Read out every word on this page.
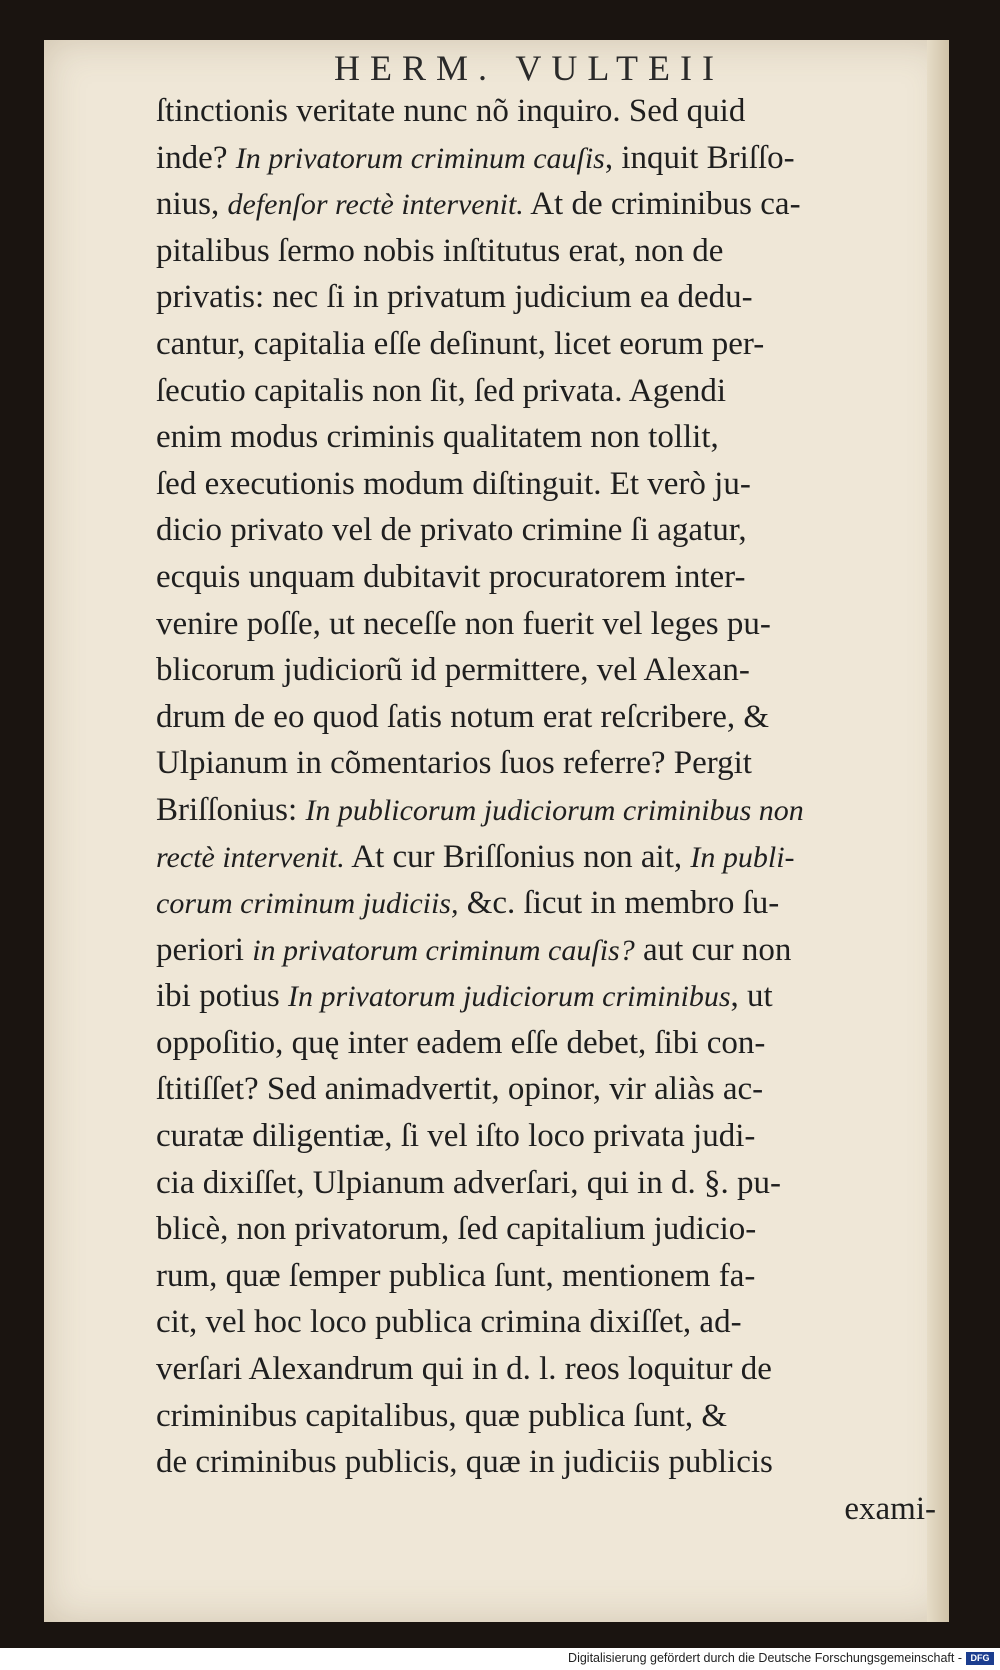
HERM. VULTEII
ſtinctionis veritate nunc nõ inquiro. Sed quid
inde? In privatorum criminum cauſis, inquit Briſſo-
nius, defenſor rectè intervenit. At de criminibus ca-
pitalibus ſermo nobis inſtitutus erat, non de
privatis: nec ſi in privatum judicium ea dedu-
cantur, capitalia eſſe deſinunt, licet eorum per-
ſecutio capitalis non ſit, ſed privata. Agendi
enim modus criminis qualitatem non tollit,
ſed executionis modum diſtinguit. Et verò ju-
dicio privato vel de privato crimine ſi agatur,
ecquis unquam dubitavit procuratorem inter-
venire poſſe, ut neceſſe non fuerit vel leges pu-
blicorum judiciorũ id permittere, vel Alexan-
drum de eo quod ſatis notum erat reſcribere, &
Ulpianum in cõmentarios ſuos referre? Pergit
Briſſonius: In publicorum judiciorum criminibus non
rectè intervenit. At cur Briſſonius non ait, In publi-
corum criminum judiciis, &c. ſicut in membro ſu-
periori in privatorum criminum cauſis? aut cur non
ibi potius In privatorum judiciorum criminibus, ut
oppoſitio, quę inter eadem eſſe debet, ſibi con-
ſtitiſſet? Sed animadvertit, opinor, vir aliàs ac-
curatæ diligentiæ, ſi vel iſto loco privata judi-
cia dixiſſet, Ulpianum adverſari, qui in d. §. pu-
blicè, non privatorum, ſed capitalium judicio-
rum, quæ ſemper publica ſunt, mentionem fa-
cit, vel hoc loco publica crimina dixiſſet, ad-
verſari Alexandrum qui in d. l. reos loquitur de
criminibus capitalibus, quæ publica ſunt, &
de criminibus publicis, quæ in judiciis publicis
exami-
Digitalisierung gefördert durch die Deutsche Forschungsgemeinschaft - DFG
